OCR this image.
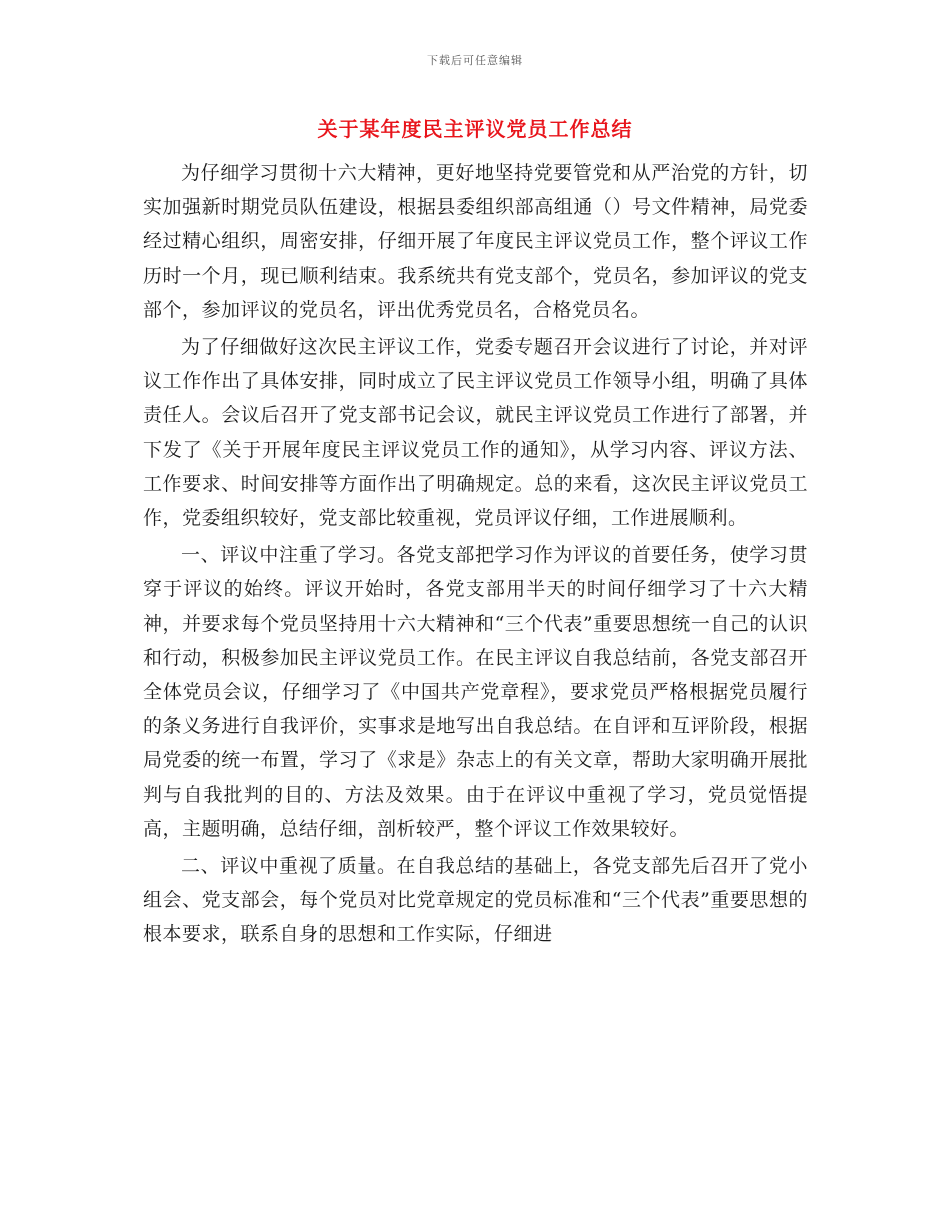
下载后可任意编辑
关于某年度民主评议党员工作总结

为仔细学习贯彻十六大精神，更好地坚持党要管党和从严治党的方针，切实加强新时期党员队伍建设，根据县委组织部高组通（）号文件精神，局党委经过精心组织，周密安排，仔细开展了年度民主评议党员工作，整个评议工作历时一个月，现已顺利结束。我系统共有党支部个，党员名，参加评议的党支部个，参加评议的党员名，评出优秀党员名，合格党员名。

为了仔细做好这次民主评议工作，党委专题召开会议进行了讨论，并对评议工作作出了具体安排，同时成立了民主评议党员工作领导小组，明确了具体责任人。会议后召开了党支部书记会议，就民主评议党员工作进行了部署，并下发了《关于开展年度民主评议党员工作的通知》，从学习内容、评议方法、工作要求、时间安排等方面作出了明确规定。总的来看，这次民主评议党员工作，党委组织较好，党支部比较重视，党员评议仔细，工作进展顺利。

一、评议中注重了学习。各党支部把学习作为评议的首要任务，使学习贯穿于评议的始终。评议开始时，各党支部用半天的时间仔细学习了十六大精神，并要求每个党员坚持用十六大精神和“三个代表”重要思想统一自己的认识和行动，积极参加民主评议党员工作。在民主评议自我总结前，各党支部召开全体党员会议，仔细学习了《中国共产党章程》，要求党员严格根据党员履行的条义务进行自我评价，实事求是地写出自我总结。在自评和互评阶段，根据局党委的统一布置，学习了《求是》杂志上的有关文章，帮助大家明确开展批判与自我批判的目的、方法及效果。由于在评议中重视了学习，党员觉悟提高，主题明确，总结仔细，剖析较严，整个评议工作效果较好。

二、评议中重视了质量。在自我总结的基础上，各党支部先后召开了党小组会、党支部会，每个党员对比党章规定的党员标准和“三个代表”重要思想的根本要求，联系自身的思想和工作实际，仔细进
